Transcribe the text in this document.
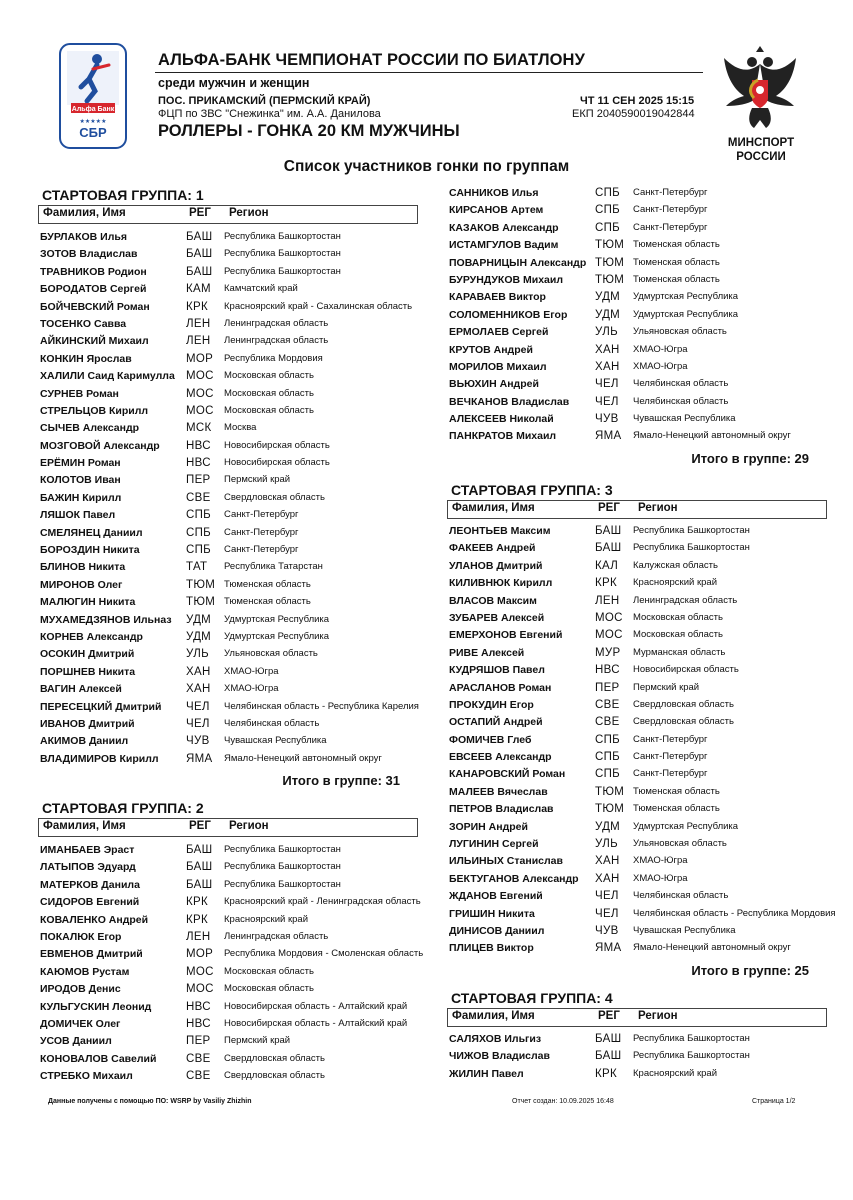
Альфа Банк
★★★★★
СБР
АЛЬФА-БАНК ЧЕМПИОНАТ РОССИИ ПО БИАТЛОНУ
среди мужчин и женщин
ПОС. ПРИКАМСКИЙ (ПЕРМСКИЙ КРАЙ)	ЧТ 11 СЕН 2025 15:15
ФЦП по ЗВС "Снежинка" им. А.А. Данилова	ЕКП 2040590019042844
РОЛЛЕРЫ - ГОНКА 20 КМ МУЖЧИНЫ
МИНСПОРТ
РОССИИ
Список участников гонки по группам
СТАРТОВАЯ ГРУППА: 1
Фамилия, Имя	РЕГ Регион
БУРЛАКОВ Илья	БАШ Республика Башкортостан
ЗОТОВ Владислав	БАШ Республика Башкортостан
ТРАВНИКОВ Родион	БАШ Республика Башкортостан
БОРОДАТОВ Сергей	КАМ Камчатский край
БОЙЧЕВСКИЙ Роман	КРК Красноярский край - Сахалинская область
ТОСЕНКО Савва	ЛЕН Ленинградская область
АЙКИНСКИЙ Михаил	ЛЕН Ленинградская область
КОНКИН Ярослав	МОР Республика Мордовия
ХАЛИЛИ Саид Каримулла МОС Московская область
СУРНЕВ Роман	МОС Московская область
СТРЕЛЬЦОВ Кирилл	МОС Московская область
СЫЧЕВ Александр	МСК Москва
МОЗГОВОЙ Александр НВС Новосибирская область
ЕРЁМИН Роман	НВС Новосибирская область
КОЛОТОВ Иван	ПЕР Пермский край
БАЖИН Кирилл	СВЕ Свердловская область
ЛЯШОК Павел	СПБ Санкт-Петербург
СМЕЛЯНЕЦ Даниил	СПБ Санкт-Петербург
БОРОЗДИН Никита	СПБ Санкт-Петербург
БЛИНОВ Никита	ТАТ Республика Татарстан
МИРОНОВ Олег	ТЮМ Тюменская область
МАЛЮГИН Никита	ТЮМ Тюменская область
МУХАМЕДЗЯНОВ Ильназ УДМ Удмуртская Республика
КОРНЕВ Александр	УДМ Удмуртская Республика
ОСОКИН Дмитрий	УЛЬ Ульяновская область
ПОРШНЕВ Никита	ХАН ХМАО-Югра
ВАГИН Алексей	ХАН ХМАО-Югра
ПЕРЕСЕЦКИЙ Дмитрий ЧЕЛ Челябинская область - Республика Карелия
ИВАНОВ Дмитрий	ЧЕЛ Челябинская область
АКИМОВ Даниил	ЧУВ Чувашская Республика
ВЛАДИМИРОВ Кирилл ЯМА Ямало-Ненецкий автономный округ
Итого в группе: 31
СТАРТОВАЯ ГРУППА: 2
Фамилия, Имя	РЕГ Регион
ИМАНБАЕВ Эраст	БАШ Республика Башкортостан
ЛАТЫПОВ Эдуард	БАШ Республика Башкортостан
МАТЕРКОВ Данила	БАШ Республика Башкортостан
СИДОРОВ Евгений	КРК Красноярский край - Ленинградская область
КОВАЛЕНКО Андрей	КРК Красноярский край
ПОКАЛЮК Егор	ЛЕН Ленинградская область
ЕВМЕНОВ Дмитрий	МОР Республика Мордовия - Смоленская область
КАЮМОВ Рустам	МОС Московская область
ИРОДОВ Денис	МОС Московская область
КУЛЬГУСКИН Леонид	НВС Новосибирская область - Алтайский край
ДОМИЧЕК Олег	НВС Новосибирская область - Алтайский край
УСОВ Даниил	ПЕР Пермский край
КОНОВАЛОВ Савелий	СВЕ Свердловская область
СТРЕБКО Михаил	СВЕ Свердловская область
САННИКОВ Илья	СПБ Санкт-Петербург
КИРСАНОВ Артем	СПБ Санкт-Петербург
КАЗАКОВ Александр	СПБ Санкт-Петербург
ИСТАМГУЛОВ Вадим	ТЮМ Тюменская область
ПОВАРНИЦЫН Александр ТЮМ Тюменская область
БУРУНДУКОВ Михаил	ТЮМ Тюменская область
КАРАВАЕВ Виктор	УДМ Удмуртская Республика
СОЛОМЕННИКОВ Егор УДМ Удмуртская Республика
ЕРМОЛАЕВ Сергей	УЛЬ Ульяновская область
КРУТОВ Андрей	ХАН ХМАО-Югра
МОРИЛОВ Михаил	ХАН ХМАО-Югра
ВЬЮХИН Андрей	ЧЕЛ Челябинская область
ВЕЧКАНОВ Владислав ЧЕЛ Челябинская область
АЛЕКСЕЕВ Николай	ЧУВ Чувашская Республика
ПАНКРАТОВ Михаил	ЯМА Ямало-Ненецкий автономный округ
Итого в группе: 29
СТАРТОВАЯ ГРУППА: 3
Фамилия, Имя	РЕГ Регион
ЛЕОНТЬЕВ Максим	БАШ Республика Башкортостан
ФАКЕЕВ Андрей	БАШ Республика Башкортостан
УЛАНОВ Дмитрий	КАЛ Калужская область
КИЛИВНЮК Кирилл	КРК Красноярский край
ВЛАСОВ Максим	ЛЕН Ленинградская область
ЗУБАРЕВ Алексей	МОС Московская область
ЕМЕРХОНОВ Евгений	МОС Московская область
РИВЕ Алексей	МУР Мурманская область
КУДРЯШОВ Павел	НВС Новосибирская область
АРАСЛАНОВ Роман	ПЕР Пермский край
ПРОКУДИН Егор	СВЕ Свердловская область
ОСТАПИЙ Андрей	СВЕ Свердловская область
ФОМИЧЕВ Глеб	СПБ Санкт-Петербург
ЕВСЕЕВ Александр	СПБ Санкт-Петербург
КАНАРОВСКИЙ Роман	СПБ Санкт-Петербург
МАЛЕЕВ Вячеслав	ТЮМ Тюменская область
ПЕТРОВ Владислав	ТЮМ Тюменская область
ЗОРИН Андрей	УДМ Удмуртская Республика
ЛУГИНИН Сергей	УЛЬ Ульяновская область
ИЛЬИНЫХ Станислав	ХАН ХМАО-Югра
БЕКТУГАНОВ Александр ХАН ХМАО-Югра
ЖДАНОВ Евгений	ЧЕЛ Челябинская область
ГРИШИН Никита	ЧЕЛ Челябинская область - Республика Мордовия
ДИНИСОВ Даниил	ЧУВ Чувашская Республика
ПЛИЦЕВ Виктор	ЯМА Ямало-Ненецкий автономный округ
Итого в группе: 25
СТАРТОВАЯ ГРУППА: 4
Фамилия, Имя	РЕГ Регион
САЛЯХОВ Ильгиз	БАШ Республика Башкортостан
ЧИЖОВ Владислав	БАШ Республика Башкортостан
ЖИЛИН Павел	КРК Красноярский край
Данные получены с помощью ПО: WSRP by Vasiliy Zhizhin	Отчет создан: 10.09.2025 16:48	Страница 1/2
